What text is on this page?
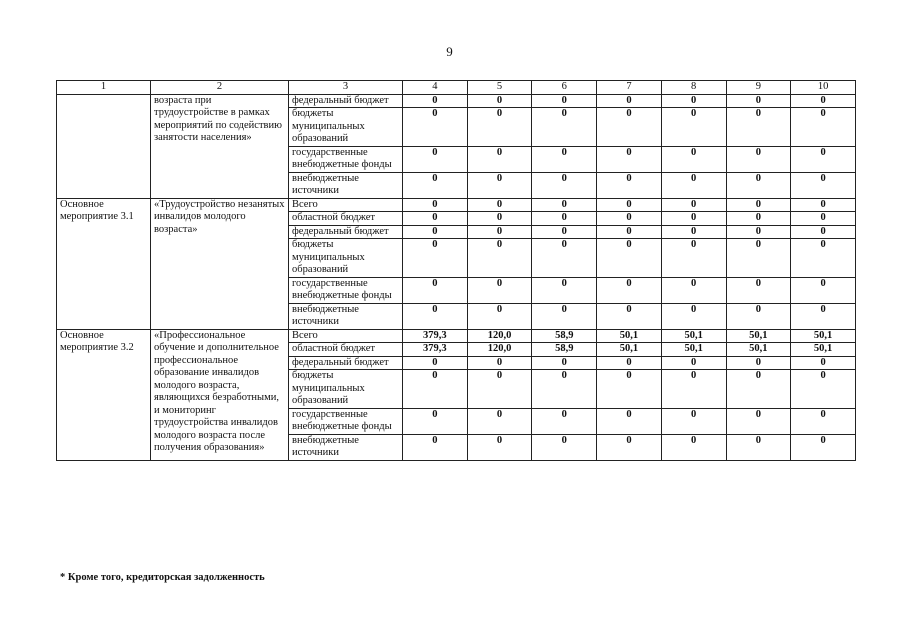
9
1	2	3	4	5	6	7	8	9	10
	возраста при трудоустройстве в рамках мероприятий по содействию занятости населения»	федеральный бюджет	0	0	0	0	0	0	0
		бюджеты муниципальных образований	0	0	0	0	0	0	0
		государственные внебюджетные фонды	0	0	0	0	0	0	0
		внебюджетные источники	0	0	0	0	0	0	0
Основное мероприятие 3.1	«Трудоустройство незанятых инвалидов молодого возраста»	Всего	0	0	0	0	0	0	0
		областной бюджет	0	0	0	0	0	0	0
		федеральный бюджет	0	0	0	0	0	0	0
		бюджеты муниципальных образований	0	0	0	0	0	0	0
		государственные внебюджетные фонды	0	0	0	0	0	0	0
		внебюджетные источники	0	0	0	0	0	0	0
Основное мероприятие 3.2	«Профессиональное обучение и дополнительное профессиональное образование инвалидов молодого возраста, являющихся безработными, и мониторинг трудоустройства инвалидов молодого возраста после получения образования»	Всего	379,3	120,0	58,9	50,1	50,1	50,1	50,1
		областной бюджет	379,3	120,0	58,9	50,1	50,1	50,1	50,1
		федеральный бюджет	0	0	0	0	0	0	0
		бюджеты муниципальных образований	0	0	0	0	0	0	0
		государственные внебюджетные фонды	0	0	0	0	0	0	0
		внебюджетные источники	0	0	0	0	0	0	0
* Кроме того, кредиторская задолженность
